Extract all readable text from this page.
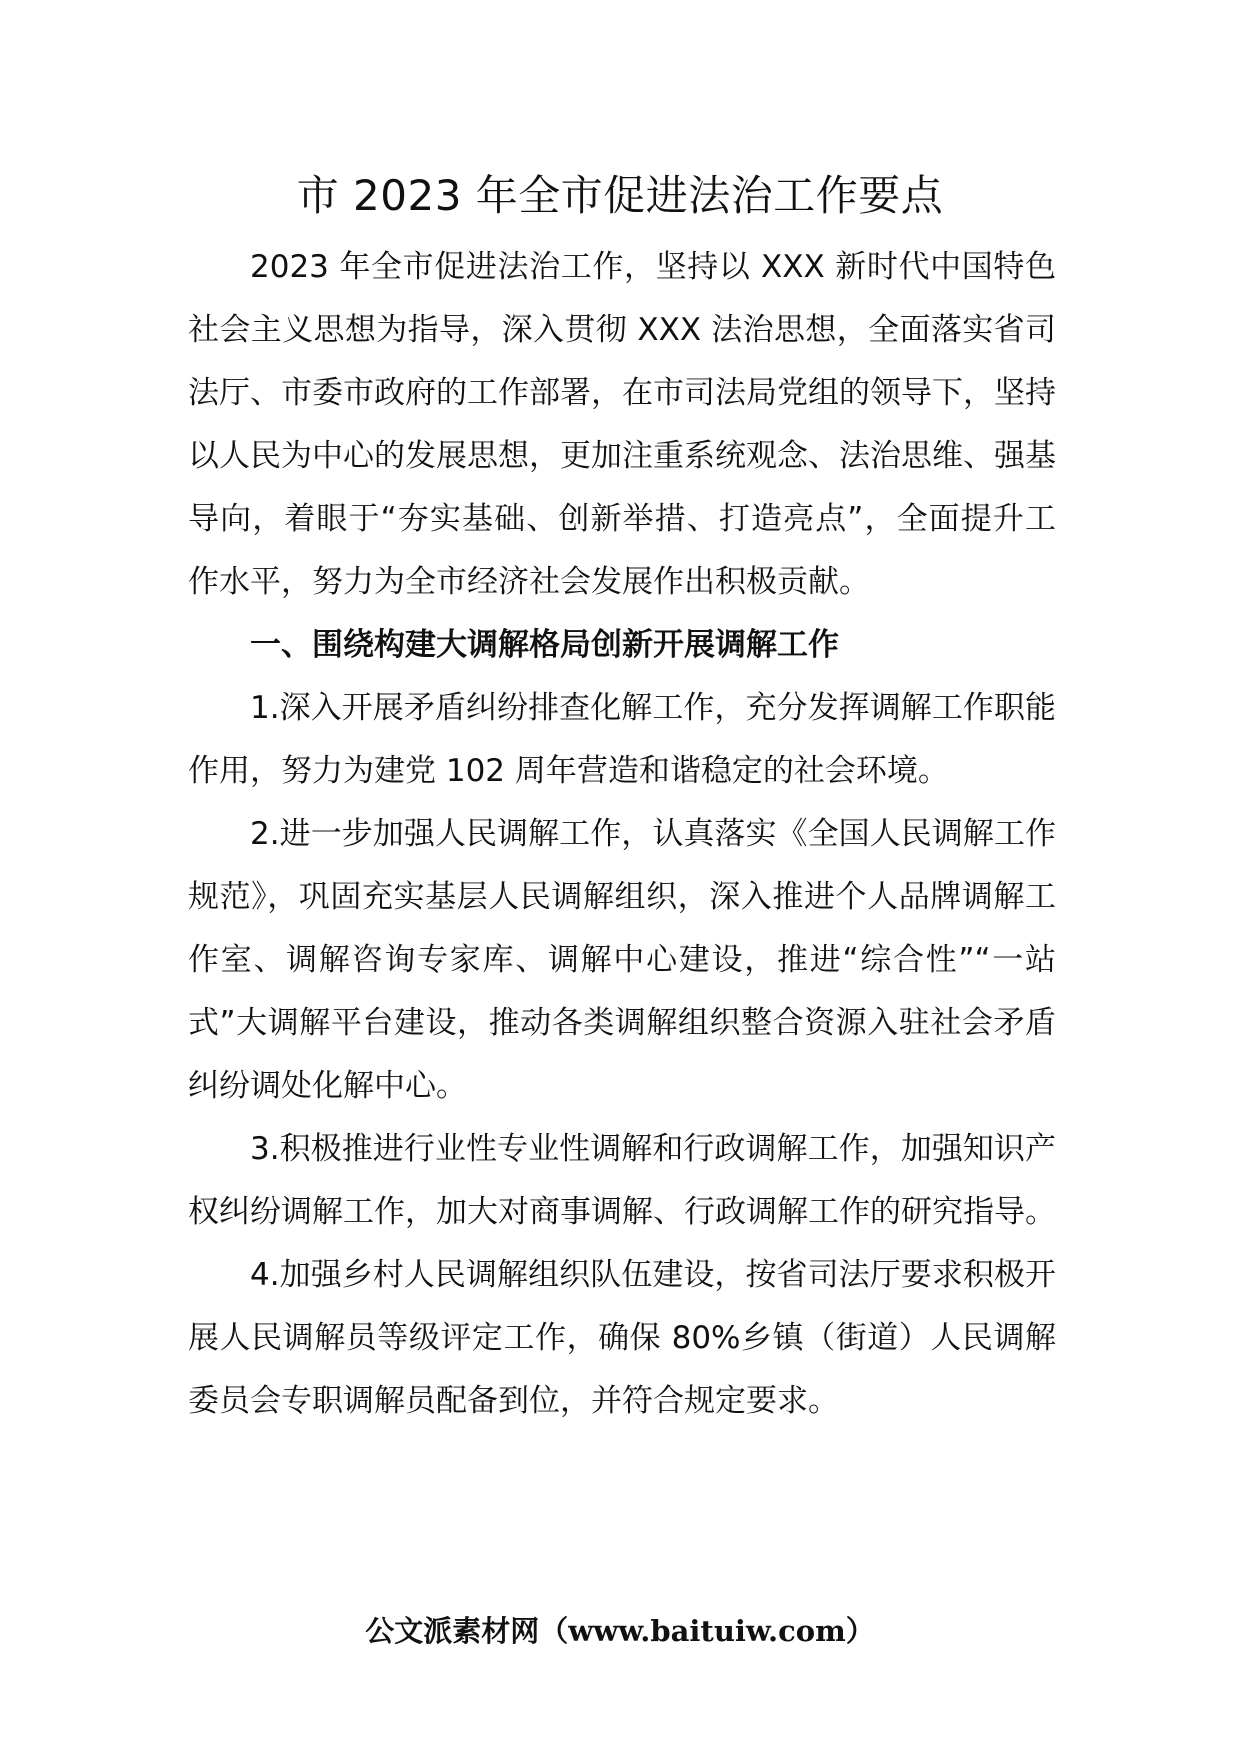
市 2023 年全市促进法治工作要点

2023 年全市促进法治工作，坚持以 XXX 新时代中国特色社会主义思想为指导，深入贯彻 XXX 法治思想，全面落实省司法厅、市委市政府的工作部署，在市司法局党组的领导下，坚持以人民为中心的发展思想，更加注重系统观念、法治思维、强基导向，着眼于“夯实基础、创新举措、打造亮点”，全面提升工作水平，努力为全市经济社会发展作出积极贡献。

一、围绕构建大调解格局创新开展调解工作

1.深入开展矛盾纠纷排查化解工作，充分发挥调解工作职能作用，努力为建党 102 周年营造和谐稳定的社会环境。

2.进一步加强人民调解工作，认真落实《全国人民调解工作规范》，巩固充实基层人民调解组织，深入推进个人品牌调解工作室、调解咨询专家库、调解中心建设，推进“综合性”“一站式”大调解平台建设，推动各类调解组织整合资源入驻社会矛盾纠纷调处化解中心。

3.积极推进行业性专业性调解和行政调解工作，加强知识产权纠纷调解工作，加大对商事调解、行政调解工作的研究指导。

4.加强乡村人民调解组织队伍建设，按省司法厅要求积极开展人民调解员等级评定工作，确保 80%乡镇（街道）人民调解委员会专职调解员配备到位，并符合规定要求。

公文派素材网（www.baituiw.com）
